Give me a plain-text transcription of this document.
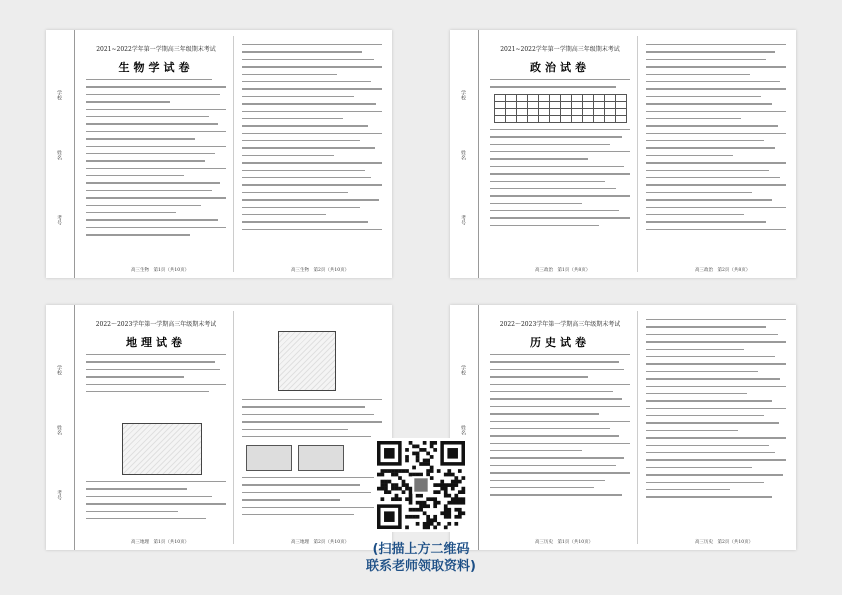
学校
姓名
考号
2021~2022学年第一学期高三年级期末考试
生物学试卷
高三生物　第1页（共10页）	高三生物　第2页（共10页）
学校
姓名
考号
2021~2022学年第一学期高三年级期末考试
政治试卷

高三政治　第1页（共8页）	高三政治　第2页（共8页）
学校
姓名
考号
2022～2023学年第一学期高三年级期末考试
地理试卷
高三地理　第1页（共10页）	高三地理　第2页（共10页）
学校
姓名
2022～2023学年第一学期高三年级期末考试
历史试卷
高三历史　第1页（共10页）	高三历史　第2页（共10页）
(扫描上方二维码
联系老师领取资料)
